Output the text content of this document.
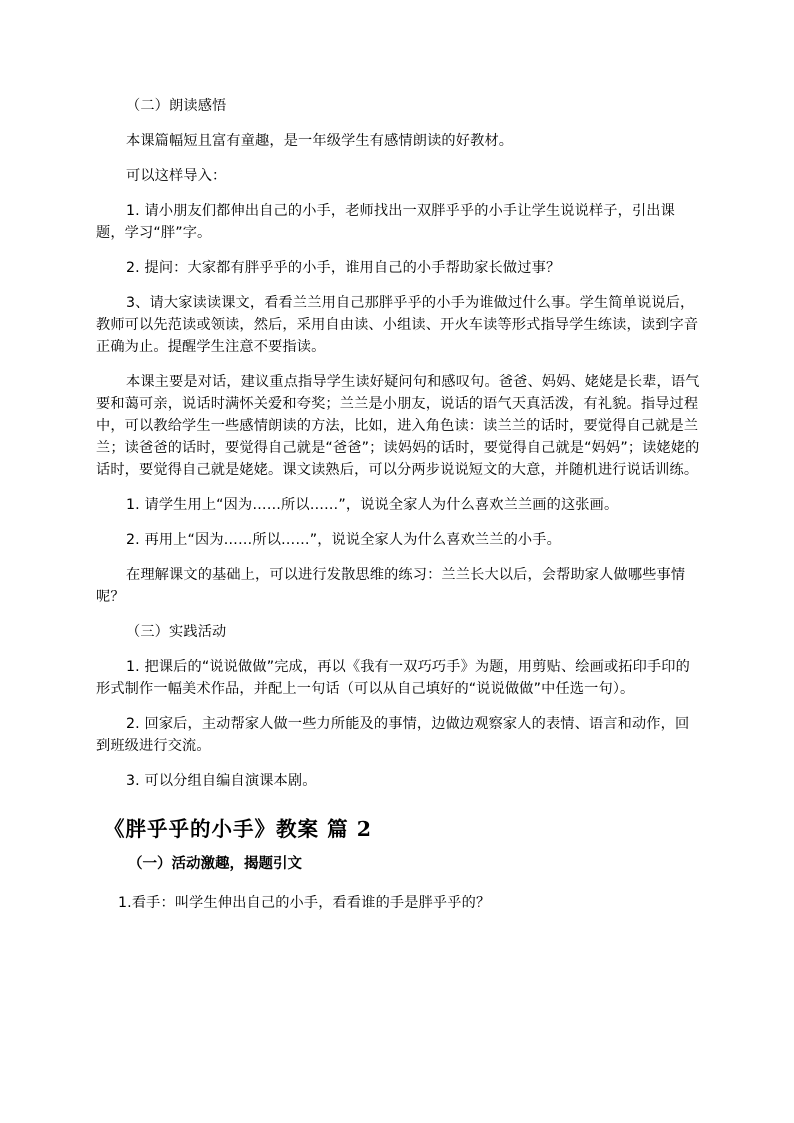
（二）朗读感悟

本课篇幅短且富有童趣，是一年级学生有感情朗读的好教材。

可以这样导入：

1. 请小朋友们都伸出自己的小手，老师找出一双胖乎乎的小手让学生说说样子，引出课题，学习“胖”字。

2. 提问：大家都有胖乎乎的小手，谁用自己的小手帮助家长做过事？

3、请大家读读课文，看看兰兰用自己那胖乎乎的小手为谁做过什么事。学生简单说说后，教师可以先范读或领读，然后，采用自由读、小组读、开火车读等形式指导学生练读，读到字音正确为止。提醒学生注意不要指读。

本课主要是对话，建议重点指导学生读好疑问句和感叹句。爸爸、妈妈、姥姥是长辈，语气要和蔼可亲，说话时满怀关爱和夸奖；兰兰是小朋友，说话的语气天真活泼，有礼貌。指导过程中，可以教给学生一些感情朗读的方法，比如，进入角色读：读兰兰的话时，要觉得自己就是兰兰；读爸爸的话时，要觉得自己就是“爸爸”；读妈妈的话时，要觉得自己就是“妈妈”；读姥姥的话时，要觉得自己就是姥姥。课文读熟后，可以分两步说说短文的大意，并随机进行说话训练。

1. 请学生用上“因为……所以……”，说说全家人为什么喜欢兰兰画的这张画。

2. 再用上“因为……所以……”，说说全家人为什么喜欢兰兰的小手。

在理解课文的基础上，可以进行发散思维的练习：兰兰长大以后，会帮助家人做哪些事情呢？

（三）实践活动

1. 把课后的“说说做做”完成，再以《我有一双巧巧手》为题，用剪贴、绘画或拓印手印的形式制作一幅美术作品，并配上一句话（可以从自己填好的“说说做做”中任选一句）。

2. 回家后，主动帮家人做一些力所能及的事情，边做边观察家人的表情、语言和动作，回到班级进行交流。

3. 可以分组自编自演课本剧。

《胖乎乎的小手》教案 篇 2
（一）活动激趣，揭题引文

1.看手：叫学生伸出自己的小手，看看谁的手是胖乎乎的？
